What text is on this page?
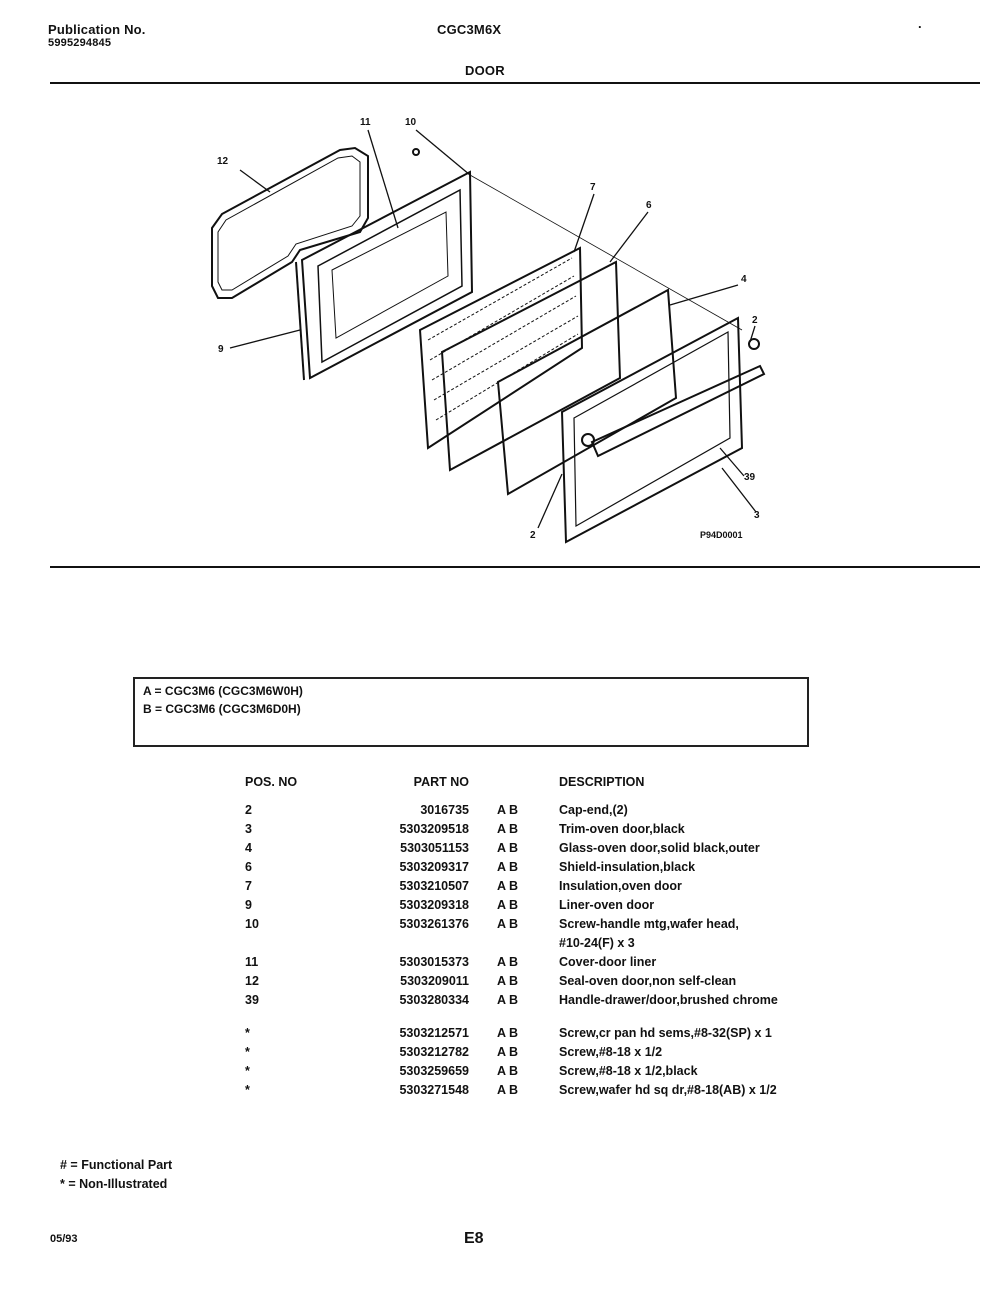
Publication No.
5995294845
CGC3M6X
DOOR
.
12
11	10
7
6
4
2
9
39
3
2	P94D0001
A = CGC3M6 (CGC3M6W0H)
B = CGC3M6 (CGC3M6D0H)
POS. NO	PART NO		DESCRIPTION
2	3016735	A B	Cap-end,(2)
3	5303209518	A B	Trim-oven door,black
4	5303051153	A B	Glass-oven door,solid black,outer
6	5303209317	A B	Shield-insulation,black
7	5303210507	A B	Insulation,oven door
9	5303209318	A B	Liner-oven door
10	5303261376	A B	Screw-handle mtg,wafer head,
			#10-24(F) x 3
11	5303015373	A B	Cover-door liner
12	5303209011	A B	Seal-oven door,non self-clean
39	5303280334	A B	Handle-drawer/door,brushed chrome

*	5303212571	A B	Screw,cr pan hd sems,#8-32(SP) x 1
*	5303212782	A B	Screw,#8-18 x 1/2
*	5303259659	A B	Screw,#8-18 x 1/2,black
*	5303271548	A B	Screw,wafer hd sq dr,#8-18(AB) x 1/2
# = Functional Part
* = Non-Illustrated
05/93	E8
